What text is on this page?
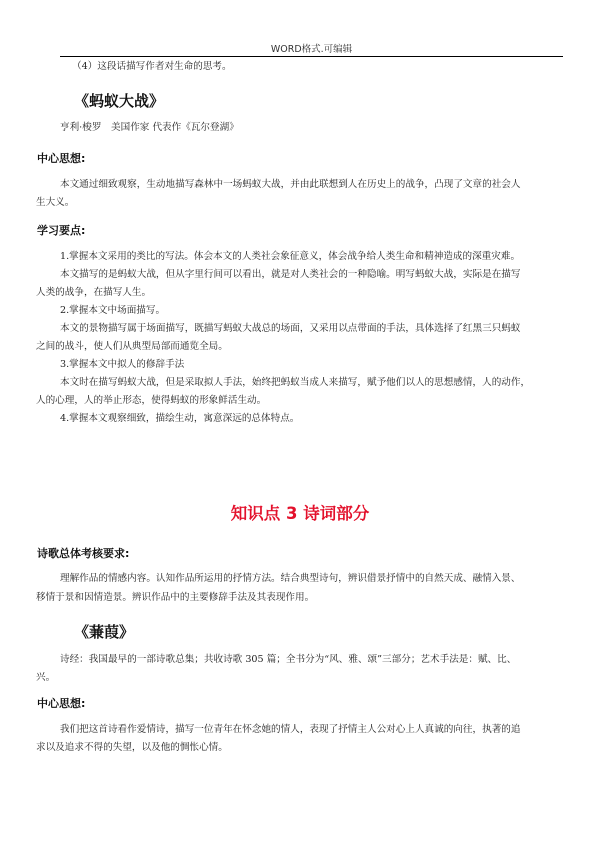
WORD格式.可编辑
（4）这段话描写作者对生命的思考。
《蚂蚁大战》
亨利·梭罗　美国作家 代表作《瓦尔登湖》
中心思想:
本文通过细致观察，生动地描写森林中一场蚂蚁大战，并由此联想到人在历史上的战争，凸现了文章的社会人
生大义。
学习要点:
1.掌握本文采用的类比的写法。体会本文的人类社会象征意义，体会战争给人类生命和精神造成的深重灾难。
本文描写的是蚂蚁大战，但从字里行间可以看出，就是对人类社会的一种隐喻。明写蚂蚁大战，实际是在描写
人类的战争，在描写人生。
2.掌握本文中场面描写。
本文的景物描写属于场面描写，既描写蚂蚁大战总的场面，又采用以点带面的手法，具体选择了红黑三只蚂蚁
之间的战斗，使人们从典型局部而通览全局。
3.掌握本文中拟人的修辞手法
本文时在描写蚂蚁大战，但是采取拟人手法，始终把蚂蚁当成人来描写，赋予他们以人的思想感情，人的动作，
人的心理，人的举止形态，使得蚂蚁的形象鲜活生动。
4.掌握本文观察细致，描绘生动，寓意深远的总体特点。
知识点 3 诗词部分
诗歌总体考核要求:
理解作品的情感内容。认知作品所运用的抒情方法。结合典型诗句，辨识借景抒情中的自然天成、融情入景、
移情于景和因情造景。辨识作品中的主要修辞手法及其表现作用。
《蒹葭》
诗经：我国最早的一部诗歌总集；共收诗歌 305 篇；全书分为“风、雅、颂”三部分；艺术手法是：赋、比、
兴。
中心思想:
我们把这首诗看作爱情诗，描写一位青年在怀念她的情人，表现了抒情主人公对心上人真诚的向往，执著的追
求以及追求不得的失望，以及他的惆怅心情。
